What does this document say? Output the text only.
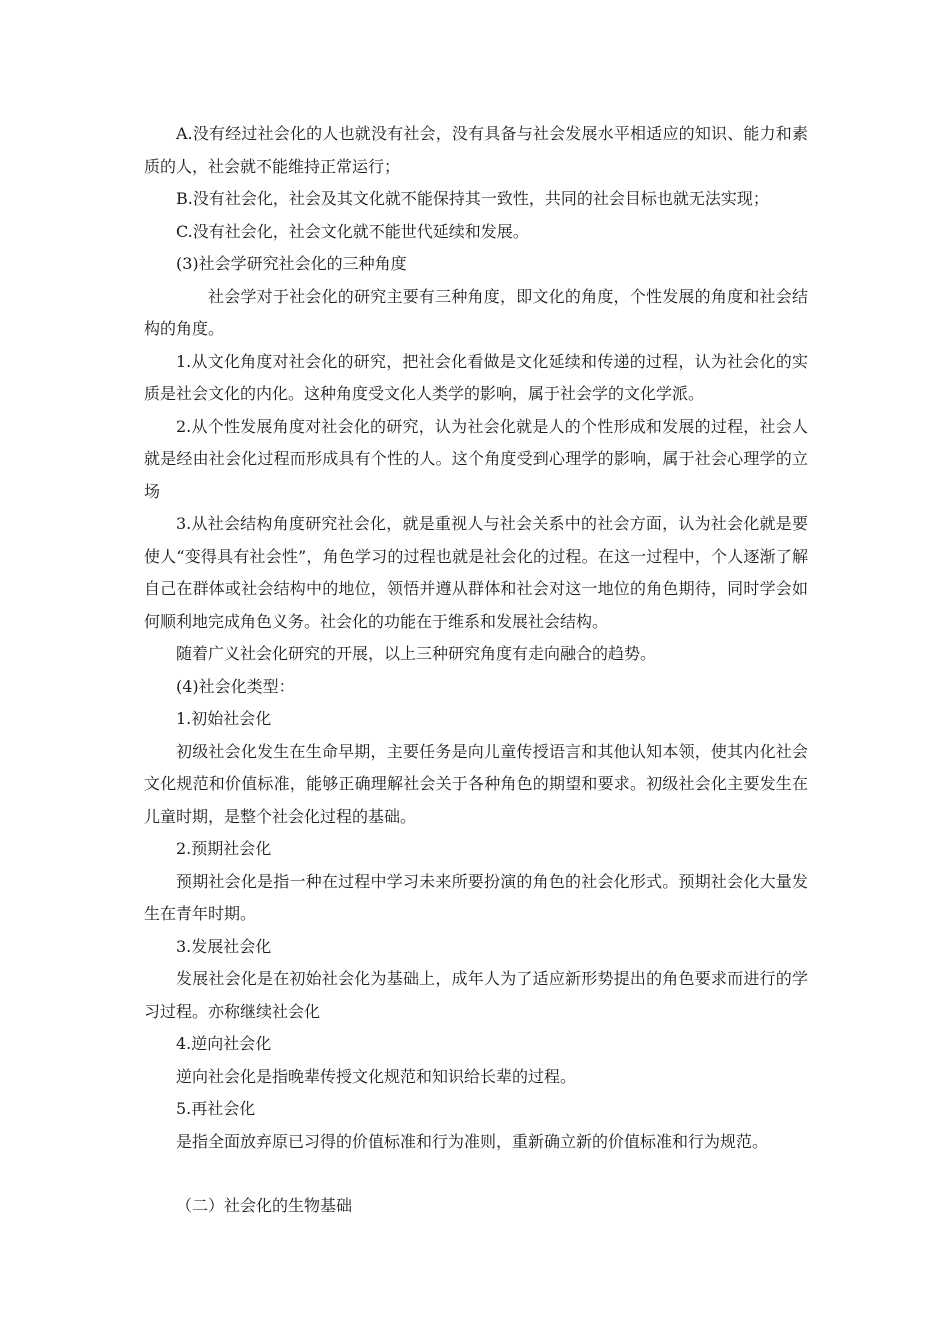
A.没有经过社会化的人也就没有社会，没有具备与社会发展水平相适应的知识、能力和素质的人，社会就不能维持正常运行；

B.没有社会化，社会及其文化就不能保持其一致性，共同的社会目标也就无法实现；

C.没有社会化，社会文化就不能世代延续和发展。

(3)社会学研究社会化的三种角度

社会学对于社会化的研究主要有三种角度，即文化的角度，个性发展的角度和社会结构的角度。

1.从文化角度对社会化的研究，把社会化看做是文化延续和传递的过程，认为社会化的实质是社会文化的内化。这种角度受文化人类学的影响，属于社会学的文化学派。

2.从个性发展角度对社会化的研究，认为社会化就是人的个性形成和发展的过程，社会人就是经由社会化过程而形成具有个性的人。这个角度受到心理学的影响，属于社会心理学的立场

3.从社会结构角度研究社会化，就是重视人与社会关系中的社会方面，认为社会化就是要使人“变得具有社会性”，角色学习的过程也就是社会化的过程。在这一过程中，个人逐渐了解自己在群体或社会结构中的地位，领悟并遵从群体和社会对这一地位的角色期待，同时学会如何顺利地完成角色义务。社会化的功能在于维系和发展社会结构。

随着广义社会化研究的开展，以上三种研究角度有走向融合的趋势。

(4)社会化类型：

1.初始社会化

初级社会化发生在生命早期，主要任务是向儿童传授语言和其他认知本领，使其内化社会文化规范和价值标准，能够正确理解社会关于各种角色的期望和要求。初级社会化主要发生在儿童时期，是整个社会化过程的基础。

2.预期社会化

预期社会化是指一种在过程中学习未来所要扮演的角色的社会化形式。预期社会化大量发生在青年时期。

3.发展社会化

发展社会化是在初始社会化为基础上，成年人为了适应新形势提出的角色要求而进行的学习过程。亦称继续社会化

4.逆向社会化

逆向社会化是指晚辈传授文化规范和知识给长辈的过程。

5.再社会化

是指全面放弃原已习得的价值标准和行为准则，重新确立新的价值标准和行为规范。

（二）社会化的生物基础
